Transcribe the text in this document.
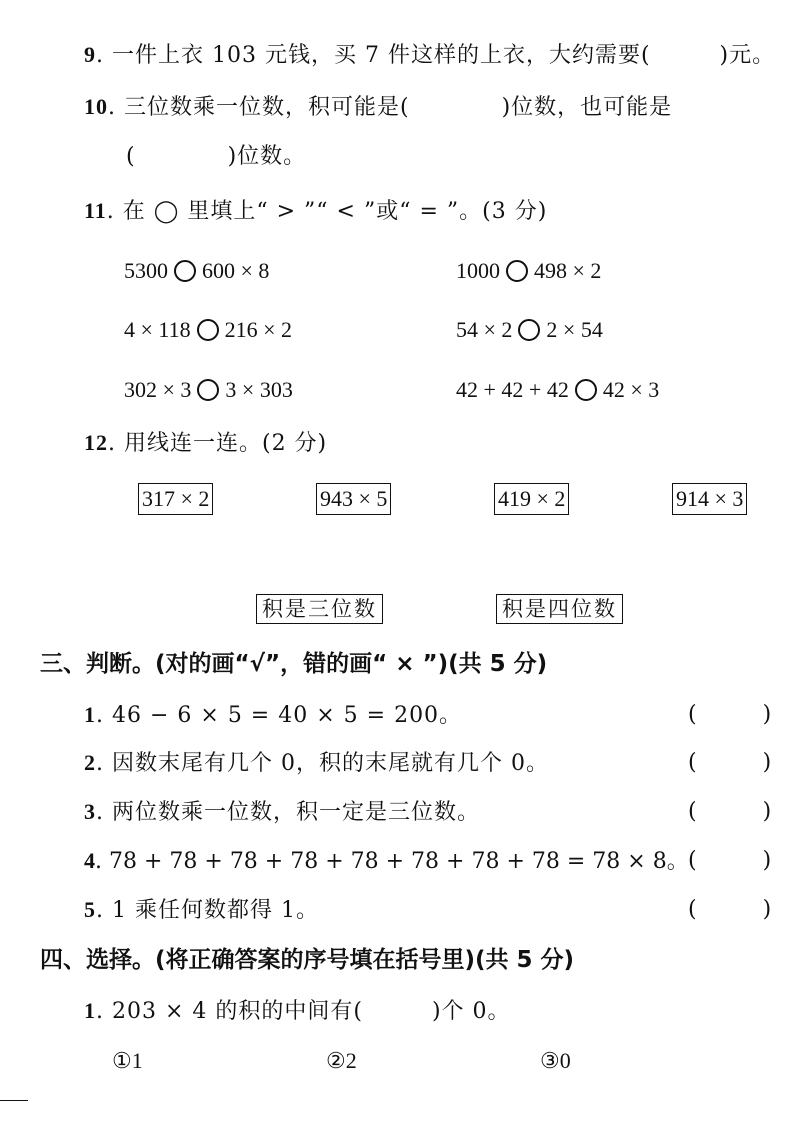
9. 一件上衣 103 元钱，买 7 件这样的上衣，大约需要(　　　)元。
10. 三位数乘一位数，积可能是(　　　　)位数，也可能是
(　　　　)位数。
11. 在 ◯ 里填上“ > ”“ < ”或“ = ”。(3 分)
5300 600 × 8	1000 498 × 2
4 × 118 216 × 2	54 × 2 2 × 54
302 × 3 3 × 303	42 + 42 + 42 42 × 3
12. 用线连一连。(2 分)
317 × 2	943 × 5	419 × 2	914 × 3
积是三位数	积是四位数
三、判断。(对的画“√”，错的画“ × ”)(共 5 分)
1. 46 − 6 × 5 = 40 × 5 = 200。	(　　　)
2. 因数末尾有几个 0，积的末尾就有几个 0。	(　　　)
3. 两位数乘一位数，积一定是三位数。	(　　　)
4. 78 + 78 + 78 + 78 + 78 + 78 + 78 + 78 = 78 × 8。 (　　　)
5. 1 乘任何数都得 1。	(　　　)
四、选择。(将正确答案的序号填在括号里)(共 5 分)
1. 203 × 4 的积的中间有(　　　)个 0。
①1	②2	③0
